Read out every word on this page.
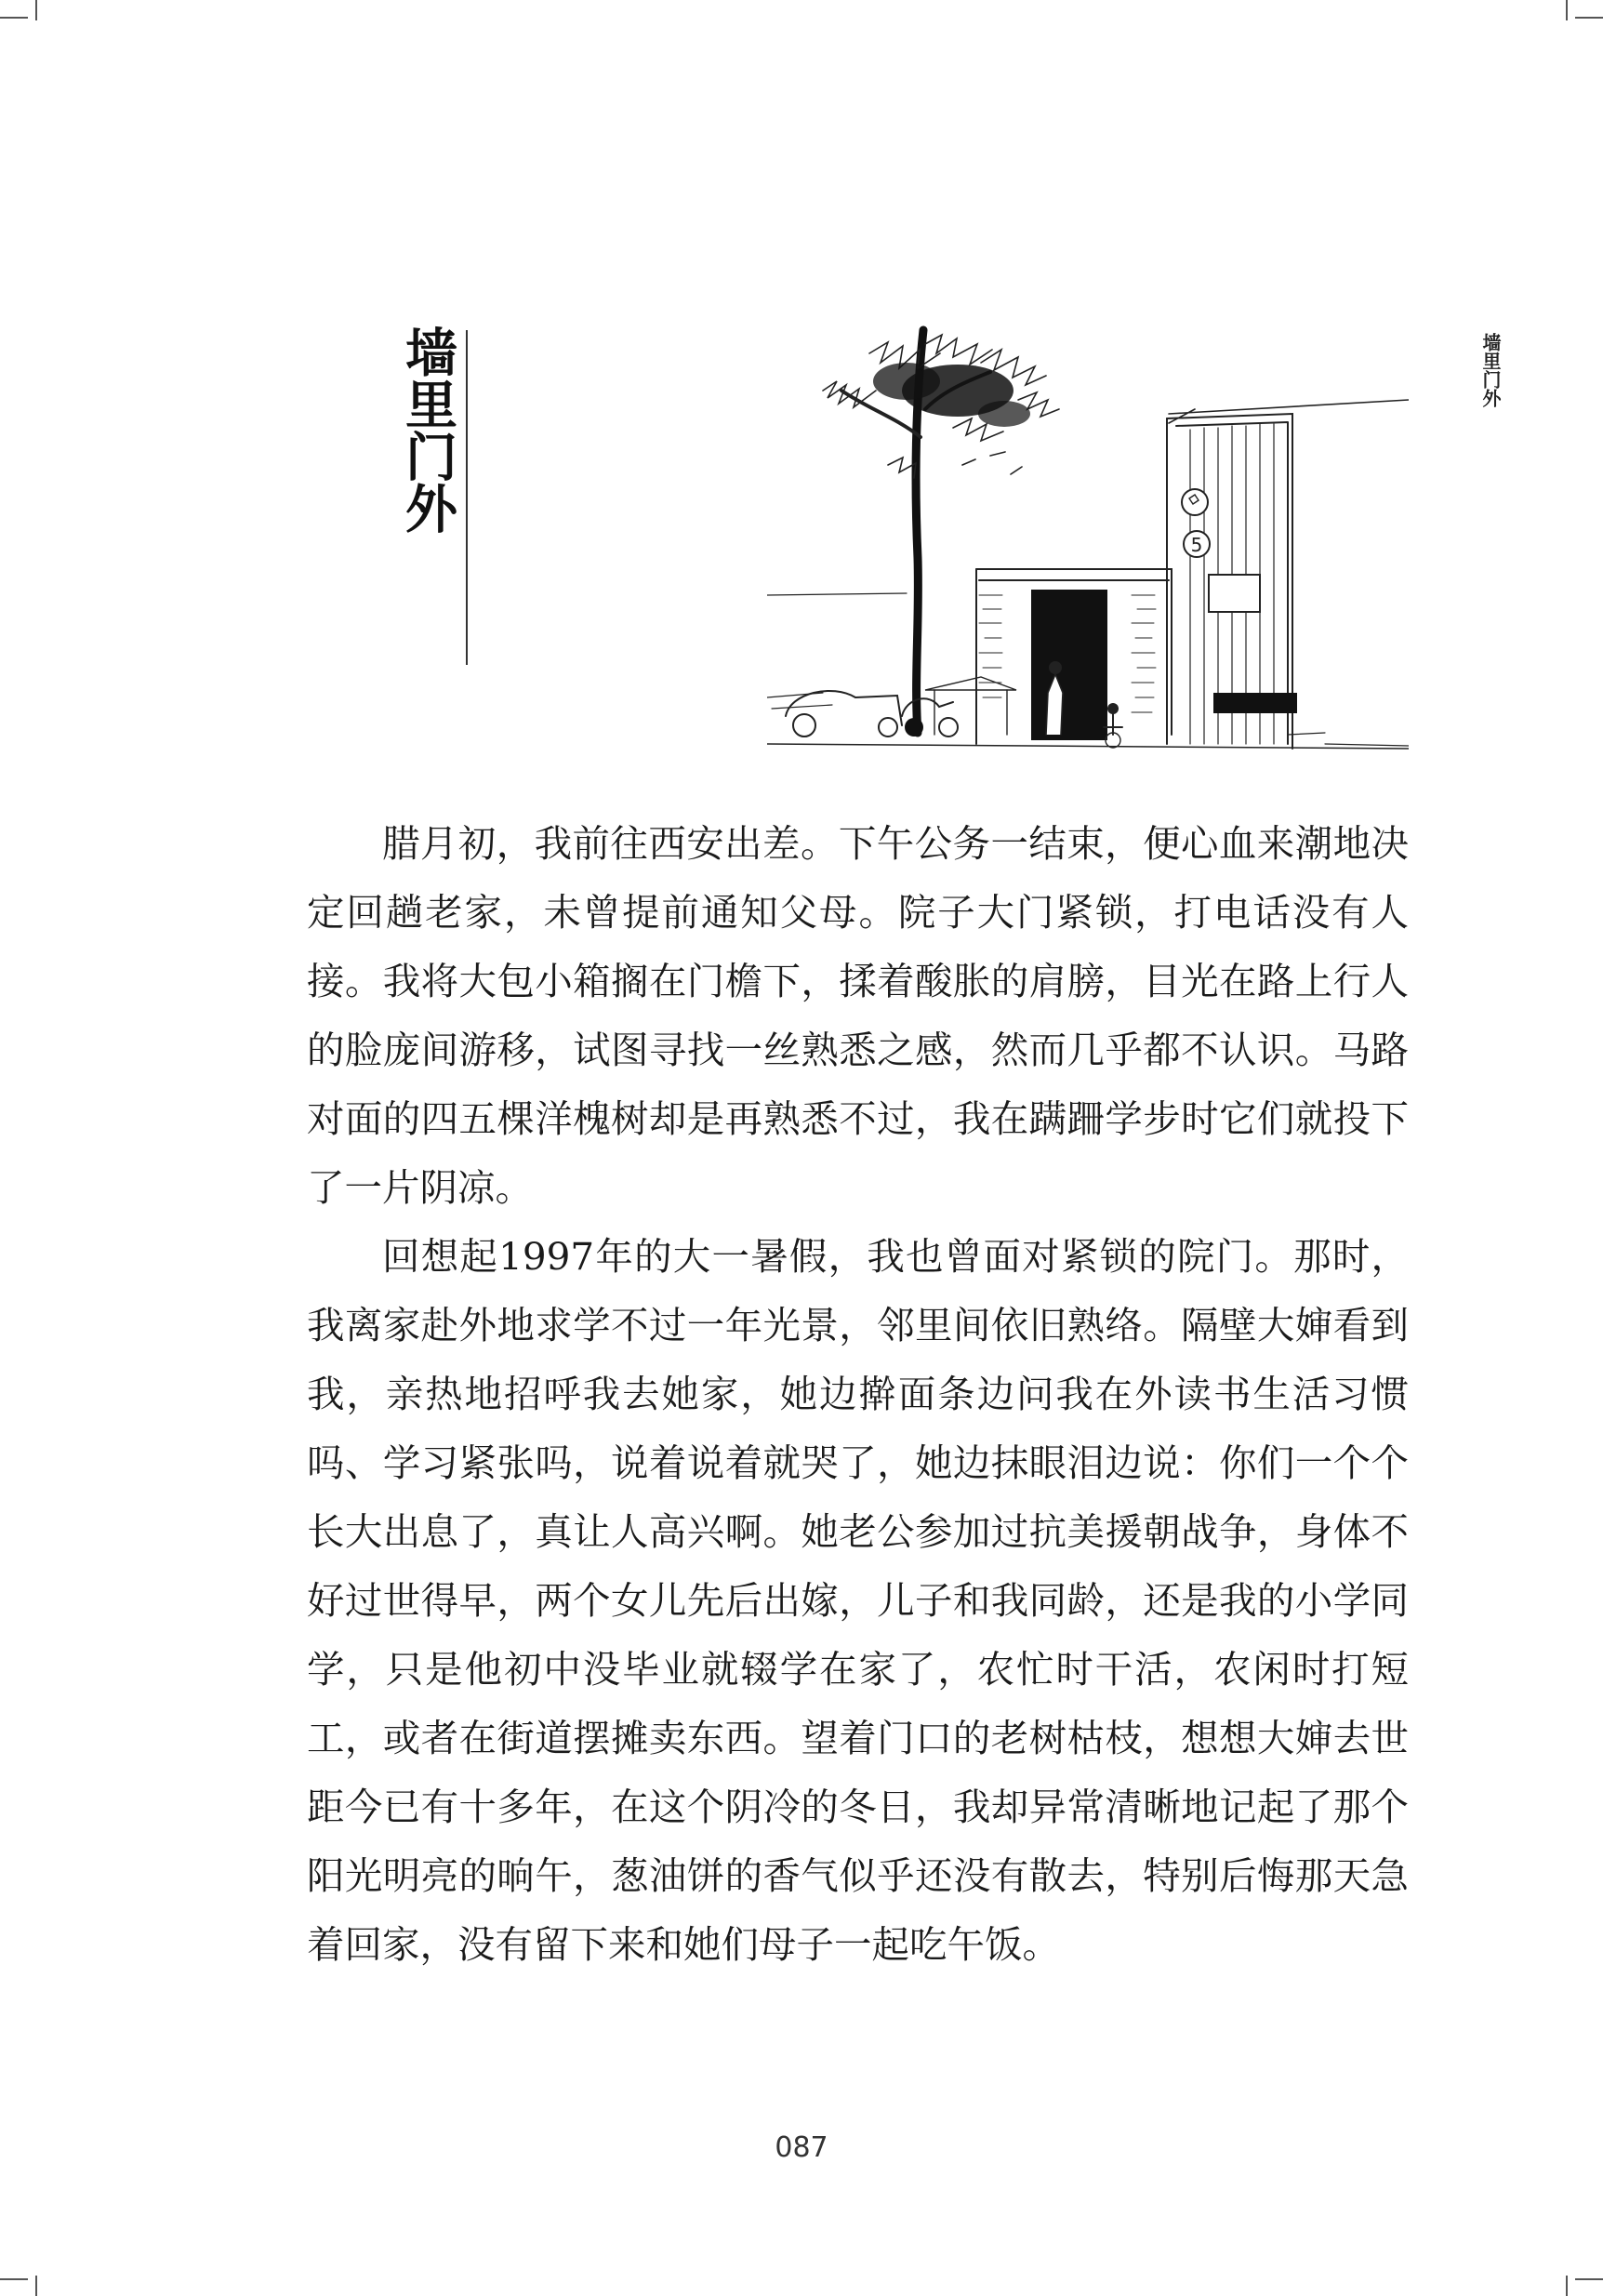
墙里门外	墙里门外
5

腊月初，我前往西安出差。下午公务一结束，便心血来潮地决定回趟老家，未曾提前通知父母。院子大门紧锁，打电话没有人接。我将大包小箱搁在门檐下，揉着酸胀的肩膀，目光在路上行人的脸庞间游移，试图寻找一丝熟悉之感，然而几乎都不认识。马路对面的四五棵洋槐树却是再熟悉不过，我在蹒跚学步时它们就投下了一片阴凉。

回想起1997年的大一暑假，我也曾面对紧锁的院门。那时，我离家赴外地求学不过一年光景，邻里间依旧熟络。隔壁大婶看到我，亲热地招呼我去她家，她边擀面条边问我在外读书生活习惯吗、学习紧张吗，说着说着就哭了，她边抹眼泪边说：你们一个个长大出息了，真让人高兴啊。她老公参加过抗美援朝战争，身体不好过世得早，两个女儿先后出嫁，儿子和我同龄，还是我的小学同学，只是他初中没毕业就辍学在家了，农忙时干活，农闲时打短工，或者在街道摆摊卖东西。望着门口的老树枯枝，想想大婶去世距今已有十多年，在这个阴冷的冬日，我却异常清晰地记起了那个阳光明亮的晌午，葱油饼的香气似乎还没有散去，特别后悔那天急着回家，没有留下来和她们母子一起吃午饭。

087
